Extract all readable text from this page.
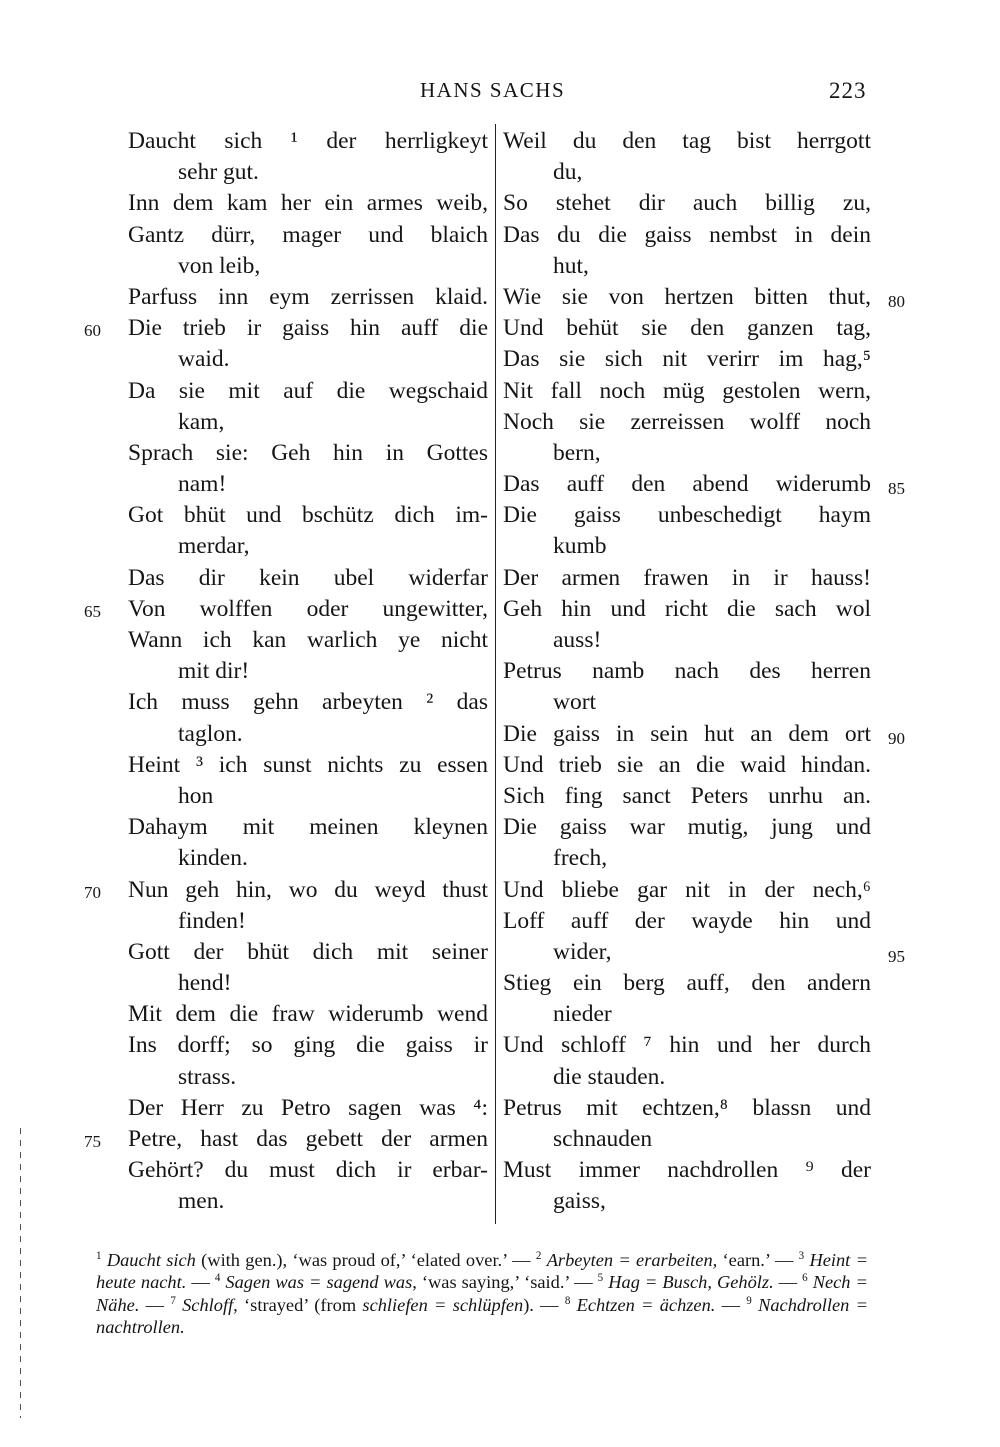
HANS SACHS	223
Daucht sich ¹ der herrligkeyt
sehr gut.
Inn dem kam her ein armes weib,
Gantz dürr, mager und blaich
von leib,
Parfuss inn eym zerrissen klaid.
Die trieb ir gaiss hin auff die
60
waid.
Da sie mit auf die wegschaid
kam,
Sprach sie: Geh hin in Gottes
nam!
Got bhüt und bschütz dich im-
merdar,
Das dir kein ubel widerfar
Von wolffen oder ungewitter,
65
Wann ich kan warlich ye nicht
mit dir!
Ich muss gehn arbeyten ² das
taglon.
Heint ³ ich sunst nichts zu essen
hon
Dahaym mit meinen kleynen
kinden.
Nun geh hin, wo du weyd thust
70
finden!
Gott der bhüt dich mit seiner
hend!
Mit dem die fraw widerumb wend
Ins dorff; so ging die gaiss ir
strass.
Der Herr zu Petro sagen was ⁴:
Petre, hast das gebett der armen
75
Gehört? du must dich ir erbar-
men.
Weil du den tag bist herrgott
du,
So stehet dir auch billig zu,
Das du die gaiss nembst in dein
hut,
Wie sie von hertzen bitten thut, 80
Und behüt sie den ganzen tag,
Das sie sich nit verirr im hag,⁵
Nit fall noch müg gestolen wern,
Noch sie zerreissen wolff noch
bern,
Das auff den abend widerumb 85
Die gaiss unbeschedigt haym
kumb
Der armen frawen in ir hauss!
Geh hin und richt die sach wol
auss!
Petrus namb nach des herren
wort
Die gaiss in sein hut an dem ort 90
Und trieb sie an die waid hindan.
Sich fing sanct Peters unrhu an.
Die gaiss war mutig, jung und
frech,
Und bliebe gar nit in der nech,⁶
Loff auff der wayde hin und
wider,	95
Stieg ein berg auff, den andern
nieder
Und schloff ⁷ hin und her durch
die stauden.
Petrus mit echtzen,⁸ blassn und
schnauden
Must immer nachdrollen ⁹ der
gaiss,
$^1$ Daucht sich (with gen.), ‘was proud of,’ ‘elated over.’ — $^2$ Arbeyten = erarbeiten, ‘earn.’ — $^3$ Heint = heute nacht. — $^4$ Sagen was = sagend was, ‘was saying,’ ‘said.’ — $^5$ Hag = Busch, Gehölz. — $^6$ Nech = Nähe. — $^7$ Schloff, ‘strayed’ (from schliefen = schlüpfen). — $^8$ Echtzen = ächzen. — $^9$ Nachdrollen = nachtrollen.
